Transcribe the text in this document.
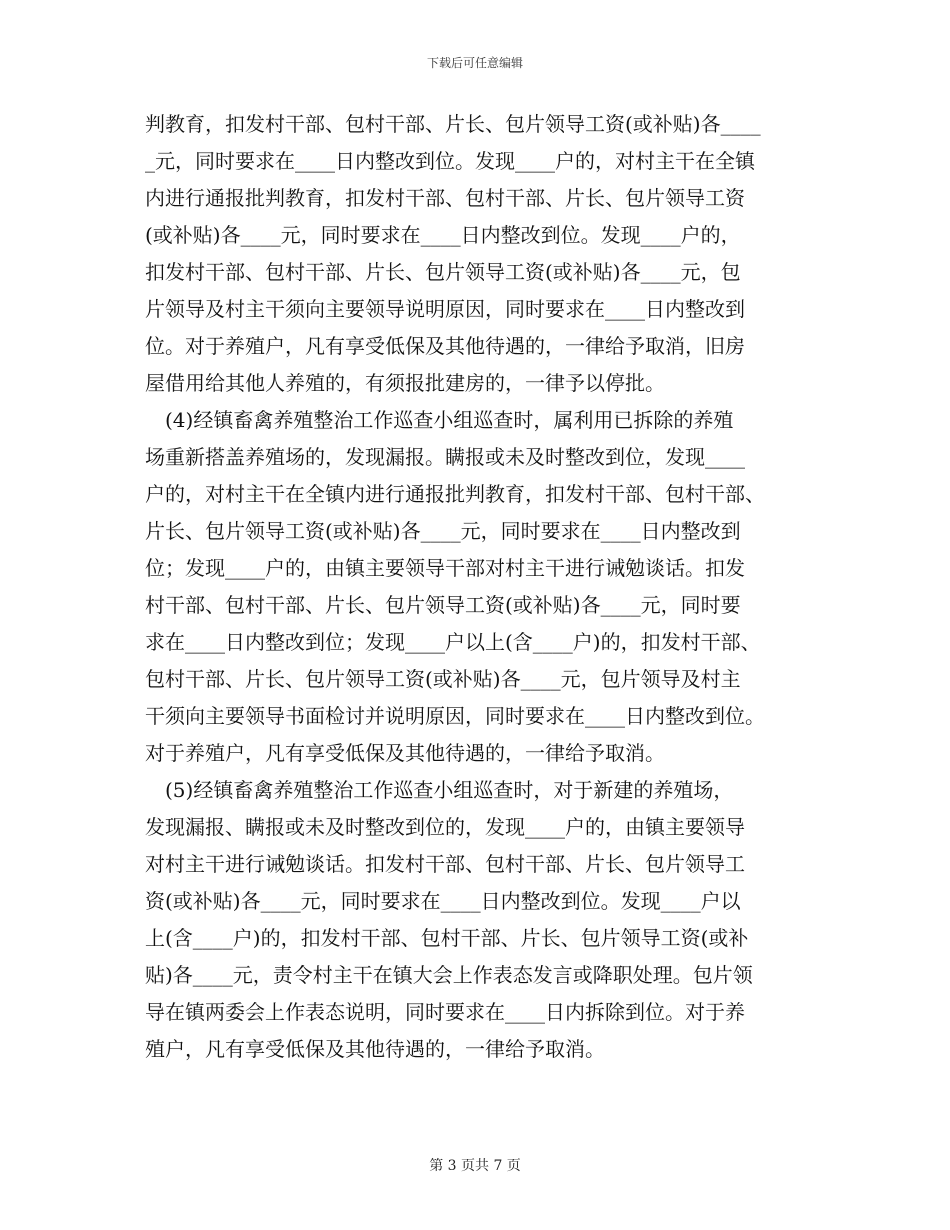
下载后可任意编辑
判教育，扣发村干部、包村干部、片长、包片领导工资(或补贴)各____
_元，同时要求在____日内整改到位。发现____户的，对村主干在全镇
内进行通报批判教育，扣发村干部、包村干部、片长、包片领导工资
(或补贴)各____元，同时要求在____日内整改到位。发现____户的，
扣发村干部、包村干部、片长、包片领导工资(或补贴)各____元，包
片领导及村主干须向主要领导说明原因，同时要求在____日内整改到
位。对于养殖户，凡有享受低保及其他待遇的，一律给予取消，旧房
屋借用给其他人养殖的，有须报批建房的，一律予以停批。
　(4)经镇畜禽养殖整治工作巡查小组巡查时，属利用已拆除的养殖
场重新搭盖养殖场的，发现漏报。瞒报或未及时整改到位，发现____
户的，对村主干在全镇内进行通报批判教育，扣发村干部、包村干部、
片长、包片领导工资(或补贴)各____元，同时要求在____日内整改到
位；发现____户的，由镇主要领导干部对村主干进行诫勉谈话。扣发
村干部、包村干部、片长、包片领导工资(或补贴)各____元，同时要
求在____日内整改到位；发现____户以上(含____户)的，扣发村干部、
包村干部、片长、包片领导工资(或补贴)各____元，包片领导及村主
干须向主要领导书面检讨并说明原因，同时要求在____日内整改到位。
对于养殖户，凡有享受低保及其他待遇的，一律给予取消。
　(5)经镇畜禽养殖整治工作巡查小组巡查时，对于新建的养殖场，
发现漏报、瞒报或未及时整改到位的，发现____户的，由镇主要领导
对村主干进行诫勉谈话。扣发村干部、包村干部、片长、包片领导工
资(或补贴)各____元，同时要求在____日内整改到位。发现____户以
上(含____户)的，扣发村干部、包村干部、片长、包片领导工资(或补
贴)各____元，责令村主干在镇大会上作表态发言或降职处理。包片领
导在镇两委会上作表态说明，同时要求在____日内拆除到位。对于养
殖户，凡有享受低保及其他待遇的，一律给予取消。
第 3 页共 7 页
